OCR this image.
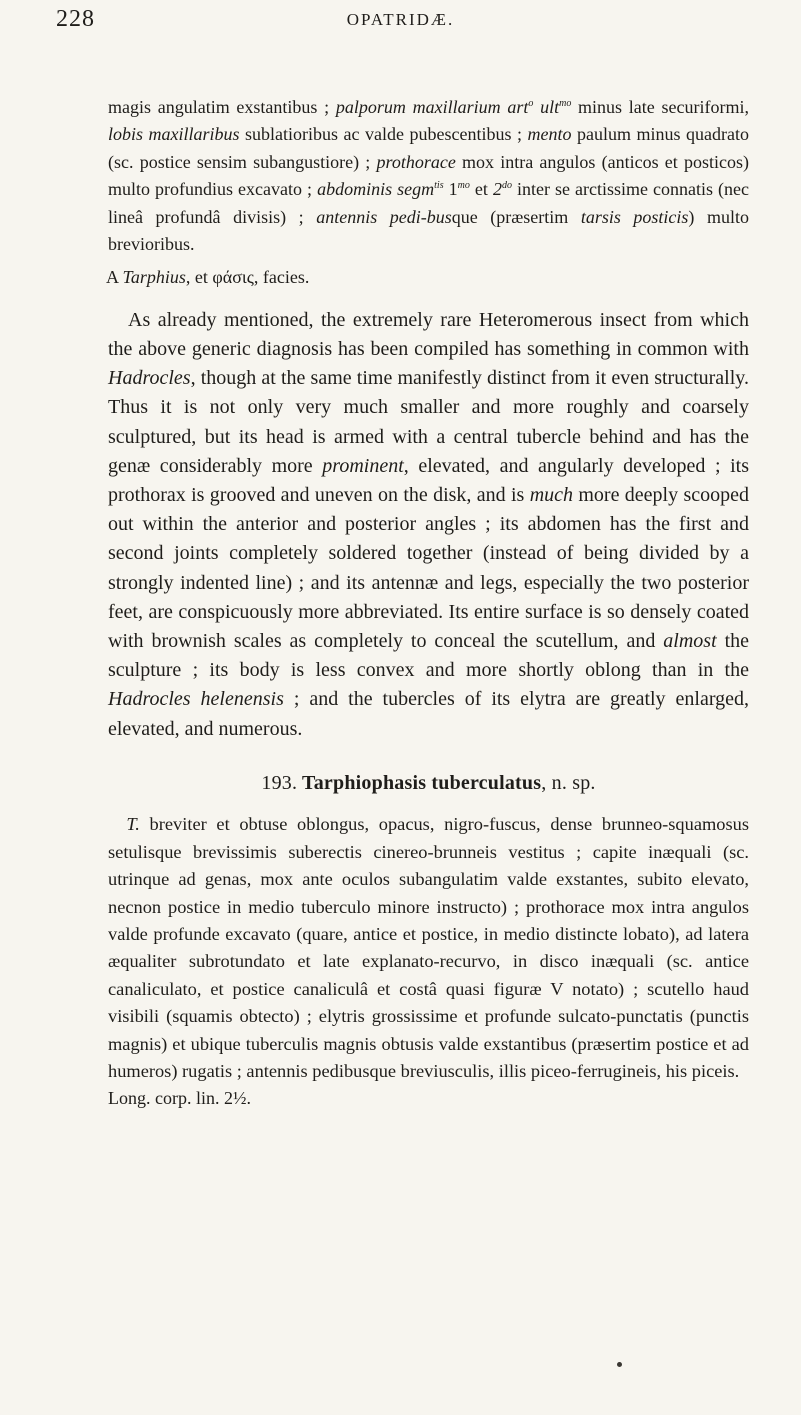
228	OPATRIDÆ.

magis angulatim exstantibus ; palporum maxillarium art$^o$ ult$^{mo}$ minus late securiformi, lobis maxillaribus sublatioribus ac valde pubescentibus ; mento paulum minus quadrato (sc. postice sensim subangustiore) ; prothorace mox intra angulos (anticos et posticos) multo profundius excavato ; abdominis segm$^{tis}$ $1^{mo}$ et $2^{do}$ inter se arctissime connatis (nec lineâ profundâ divisis) ; antennis pedi-busque (præsertim tarsis posticis) multo brevioribus.

A Tarphius, et φάσις, facies.

 As already mentioned, the extremely rare Heteromerous insect from which the above generic diagnosis has been compiled has something in common with Hadrocles, though at the same time manifestly distinct from it even structurally. Thus it is not only very much smaller and more roughly and coarsely sculptured, but its head is armed with a central tubercle behind and has the genæ considerably more prominent, elevated, and angularly developed ; its prothorax is grooved and uneven on the disk, and is much more deeply scooped out within the anterior and posterior angles ; its abdomen has the first and second joints completely soldered together (instead of being divided by a strongly indented line) ; and its antennæ and legs, especially the two posterior feet, are conspicuously more abbreviated. Its entire surface is so densely coated with brownish scales as completely to conceal the scutellum, and almost the sculpture ; its body is less convex and more shortly oblong than in the Hadrocles helenensis ; and the tubercles of its elytra are greatly enlarged, elevated, and numerous.

193. Tarphiophasis tuberculatus, n. sp.

 T. breviter et obtuse oblongus, opacus, nigro-fuscus, dense brunneo-squamosus setulisque brevissimis suberectis cinereo-brunneis vestitus ; capite inæquali (sc. utrinque ad genas, mox ante oculos subangulatim valde exstantes, subito elevato, necnon postice in medio tuberculo minore instructo) ; prothorace mox intra angulos valde profunde excavato (quare, antice et postice, in medio distincte lobato), ad latera æqualiter subrotundato et late explanato-recurvo, in disco inæquali (sc. antice canaliculato, et postice canaliculâ et costâ quasi figuræ V notato) ; scutello haud visibili (squamis obtecto) ; elytris grossissime et profunde sulcato-punctatis (punctis magnis) et ubique tuberculis magnis obtusis valde exstantibus (præsertim postice et ad humeros) rugatis ; antennis pedibusque breviusculis, illis piceo-ferrugineis, his piceis.

Long. corp. lin. 2½.
